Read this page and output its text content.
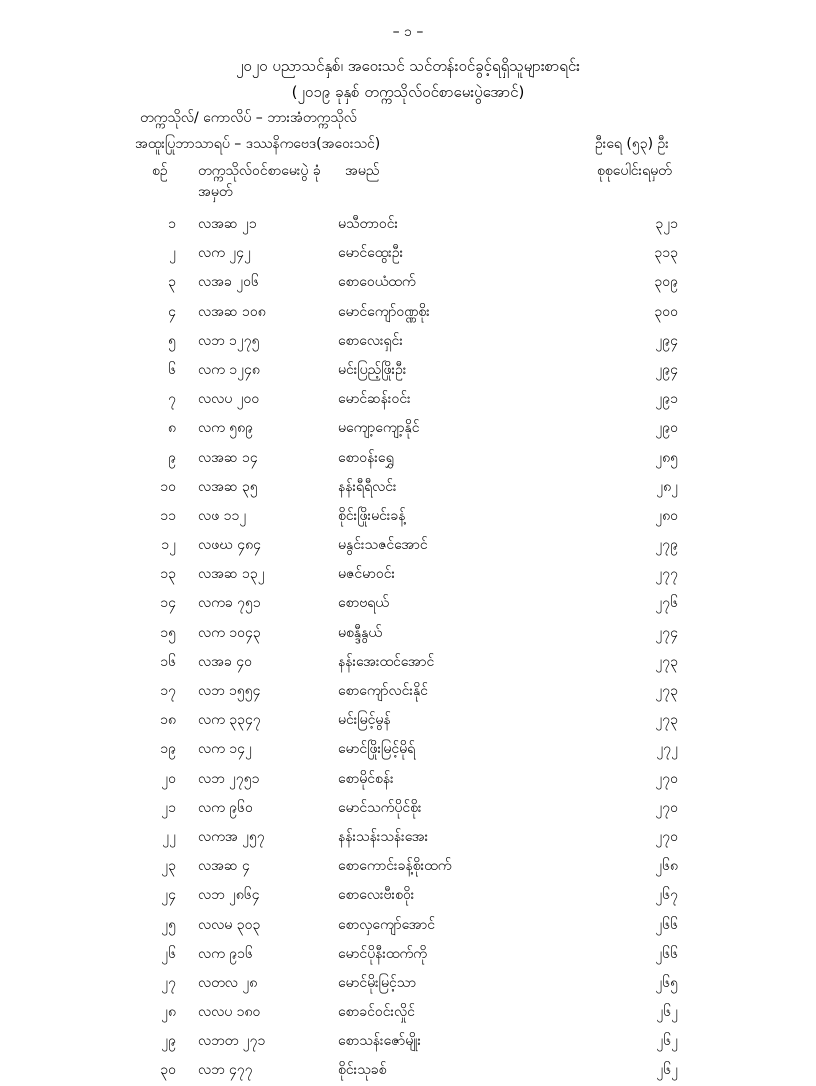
– ၁ –
၂၀၂၀ ပညာသင်နှစ်၊ အဝေးသင် သင်တန်းဝင်ခွင့်ရရှိသူများစာရင်း
(၂၀၁၉ ခုနှစ် တက္ကသိုလ်ဝင်စာမေးပွဲအောင်)
တက္ကသိုလ်/ ကောလိပ် – ဘားအံတက္ကသိုလ်
အထူးပြုဘာသာရပ် – ဒဿနိကဗေဒ(အဝေးသင်)	ဦးရေ (၅၃) ဦး
စဉ် တက္ကသိုလ်ဝင်စာမေးပွဲ ခုံအမှတ်
အမည်	စုစုပေါင်းရမှတ်
၁ လအဆ ၂၁	မသီတာဝင်း	၃၂၁
၂ လက ၂၄၂	မောင်ထွေးဦး	၃၁၃
၃ လအခ ၂၀၆	စောဝေယံထက်	၃၀၉
၄ လအဆ ၁၀၈	မောင်ကျော်ဝဏ္ဏစိုး	၃၀၀
၅ လဘ ၁၂၇၅	စောလေးရှင်း	၂၉၄
၆ လက ၁၂၄၈	မင်းပြည့်ဖြိုးဦး	၂၉၄
၇ လလပ ၂၀၀	မောင်ဆန်းဝင်း	၂၉၁
၈ လက ၅၈၉	မကျော့ကျော့နိုင်	၂၉၀
၉ လအဆ ၁၄	စောဝန်းရွှေ	၂၈၅
၁၀ လအဆ ၃၅	နန်းရီရီလင်း	၂၈၂
၁၁ လဖ ၁၁၂	စိုင်းဖြိုးမင်းခန့်	၂၈၀
၁၂ လဖဃ ၄၈၄	မနွင်းသဇင်အောင်	၂၇၉
၁၃ လအဆ ၁၃၂	မဇင်မာဝင်း	၂၇၇
၁၄ လကခ ၇၅၁	စောဗရယ်	၂၇၆
၁၅ လက ၁၀၄၃	မစန္ဒီနွယ်	၂၇၄
၁၆ လအခ ၄၀	နန်းအေးထင်အောင်	၂၇၃
၁၇ လဘ ၁၅၅၄	စောကျော်လင်းနိုင်	၂၇၃
၁၈ လက ၃၃၄၇	မင်းမြင့်မွန်	၂၇၃
၁၉ လက ၁၄၂	မောင်ဖြိုးမြင့်မိုရ်	၂၇၂
၂၀ လဘ ၂၇၅၁	စောမိုင်စန်း	၂၇၀
၂၁ လက ၉၆၀	မောင်သက်ပိုင်စိုး	၂၇၀
၂၂ လကအ ၂၅၇	နန်းသန်းသန်းအေး	၂၇၀
၂၃ လအဆ ၄	စောကောင်းခန့်စိုးထက်	၂၆၈
၂၄ လဘ ၂၈၆၄	စောလေးဗီးစဝိုး	၂၆၇
၂၅ လလမ ၃၀၃	စောလှကျော်အောင်	၂၆၆
၂၆ လက ၉၁၆	မောင်ပိုနီးထက်ကို	၂၆၆
၂၇ လတလ ၂၈	မောင်မိုးမြင့်သာ	၂၆၅
၂၈ လလပ ၁၈၀	စောခင်ဝင်းလှိုင်	၂၆၂
၂၉ လဘတ ၂၇၁	စောသန်းဇော်မျိုး	၂၆၂
၃၀ လဘ ၄၇၇	စိုင်းသုခစ်	၂၆၂
